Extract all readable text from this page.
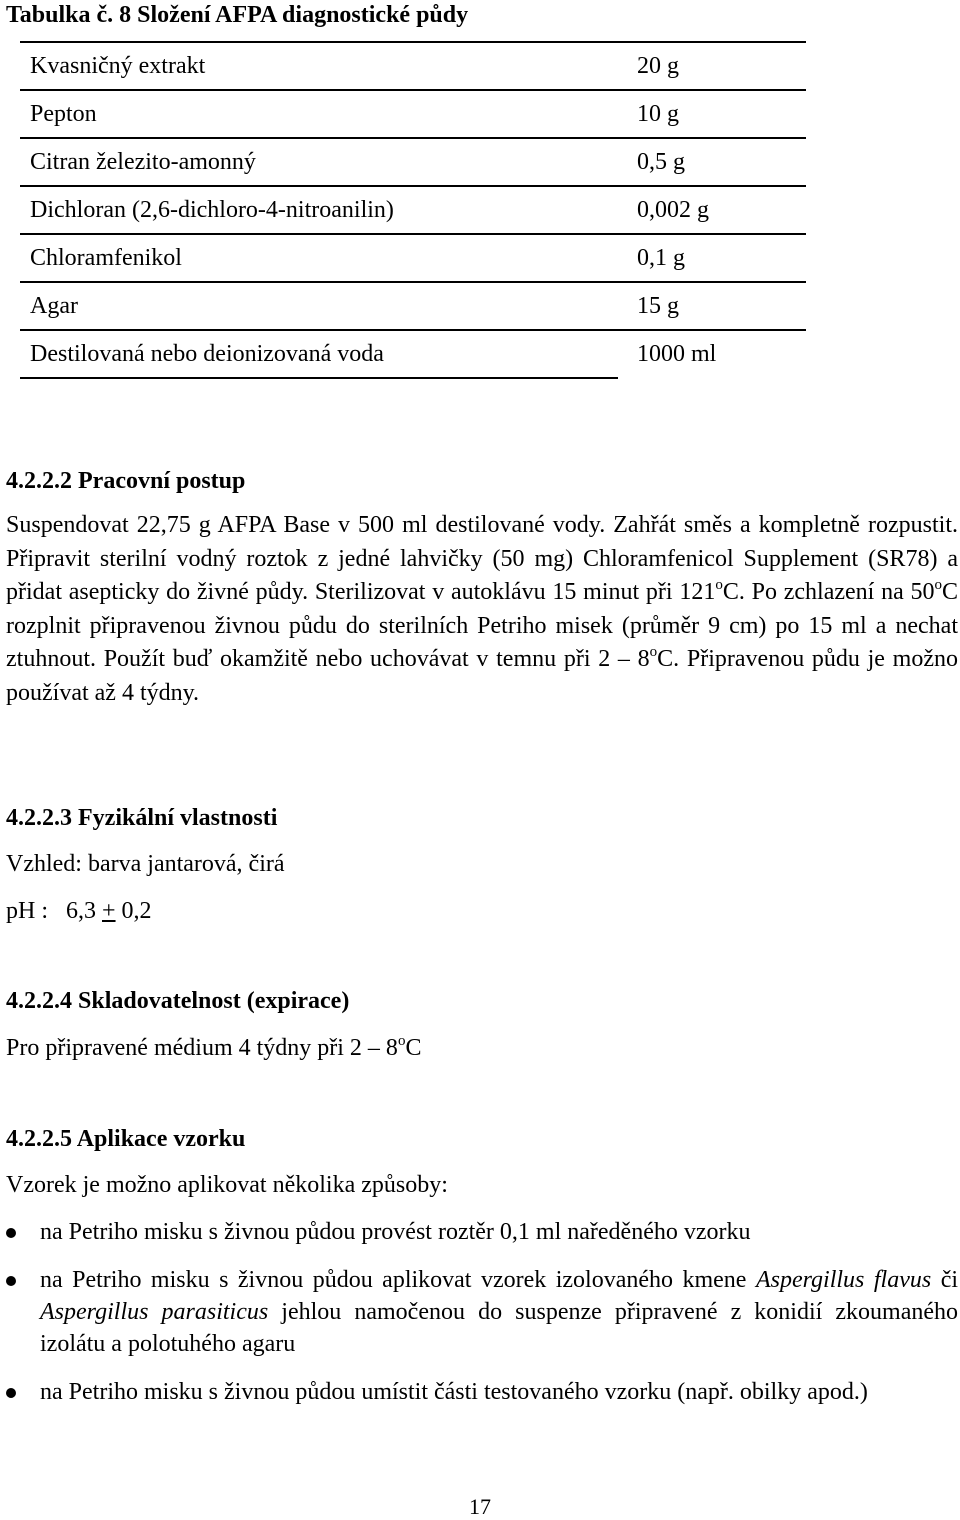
Tabulka č. 8 Složení AFPA diagnostické půdy
Kvasničný extrakt	20 g
Pepton	10 g
Citran železito-amonný	0,5 g
Dichloran (2,6-dichloro-4-nitroanilin)	0,002 g
Chloramfenikol	0,1 g
Agar	15 g
Destilovaná nebo deionizovaná voda	1000 ml
4.2.2.2 Pracovní postup
Suspendovat 22,75 g AFPA Base v 500 ml destilované vody. Zahřát směs a kompletně rozpustit. Připravit sterilní vodný roztok z jedné lahvičky (50 mg) Chloramfenicol Supplement (SR78) a přidat asepticky do živné půdy. Sterilizovat v autoklávu 15 minut při 121$^o$C. Po zchlazení na 50$^o$C rozplnit připravenou živnou půdu do sterilních Petriho misek (průměr 9 cm) po 15 ml a nechat ztuhnout. Použít buď okamžitě nebo uchovávat v temnu při 2 – 8$^o$C. Připravenou půdu je možno používat až 4 týdny.
4.2.2.3 Fyzikální vlastnosti
Vzhled: barva jantarová, čirá
pH : 6,3 + 0,2
4.2.2.4 Skladovatelnost (expirace)
Pro připravené médium 4 týdny při 2 – 8$^o$C
4.2.2.5 Aplikace vzorku
Vzorek je možno aplikovat několika způsoby:
na Petriho misku s živnou půdou provést roztěr 0,1 ml naředěného vzorku
na Petriho misku s živnou půdou aplikovat vzorek izolovaného kmene Aspergillus flavus či Aspergillus parasiticus jehlou namočenou do suspenze připravené z konidií zkoumaného izolátu a polotuhého agaru
na Petriho misku s živnou půdou umístit části testovaného vzorku (např. obilky apod.)
17
